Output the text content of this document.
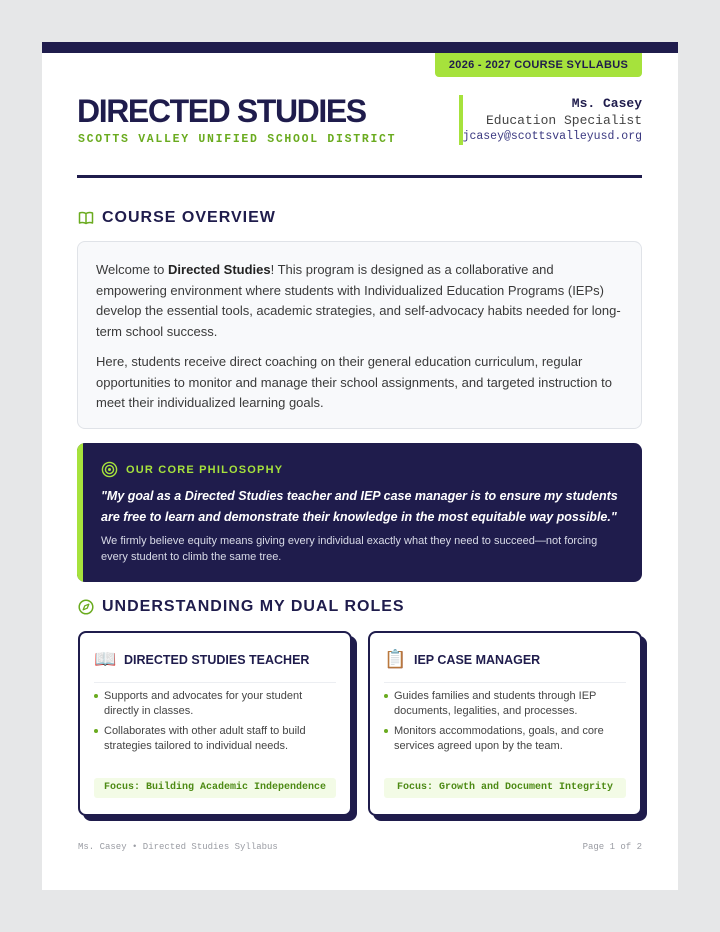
2026 - 2027 COURSE SYLLABUS
DIRECTED STUDIES
SCOTTS VALLEY UNIFIED SCHOOL DISTRICT
Ms. Casey
Education Specialist
jcasey@scottsvalleyusd.org
COURSE OVERVIEW

Welcome to Directed Studies! This program is designed as a collaborative and empowering environment where students with Individualized Education Programs (IEPs) develop the essential tools, academic strategies, and self-advocacy habits needed for long-term school success.

Here, students receive direct coaching on their general education curriculum, regular opportunities to monitor and manage their school assignments, and targeted instruction to meet their individualized learning goals.

OUR CORE PHILOSOPHY
"My goal as a Directed Studies teacher and IEP case manager is to ensure my students are free to learn and demonstrate their knowledge in the most equitable way possible."
We firmly believe equity means giving every individual exactly what they need to succeed—not forcing every student to climb the same tree.
UNDERSTANDING MY DUAL ROLES
📖 DIRECTED STUDIES TEACHER
Supports and advocates for your student directly in classes.
Collaborates with other adult staff to build strategies tailored to individual needs.
Focus: Building Academic Independence
📋 IEP CASE MANAGER
Guides families and students through IEP documents, legalities, and processes.
Monitors accommodations, goals, and core services agreed upon by the team.
Focus: Growth and Document Integrity
Ms. Casey • Directed Studies Syllabus	Page 1 of 2
